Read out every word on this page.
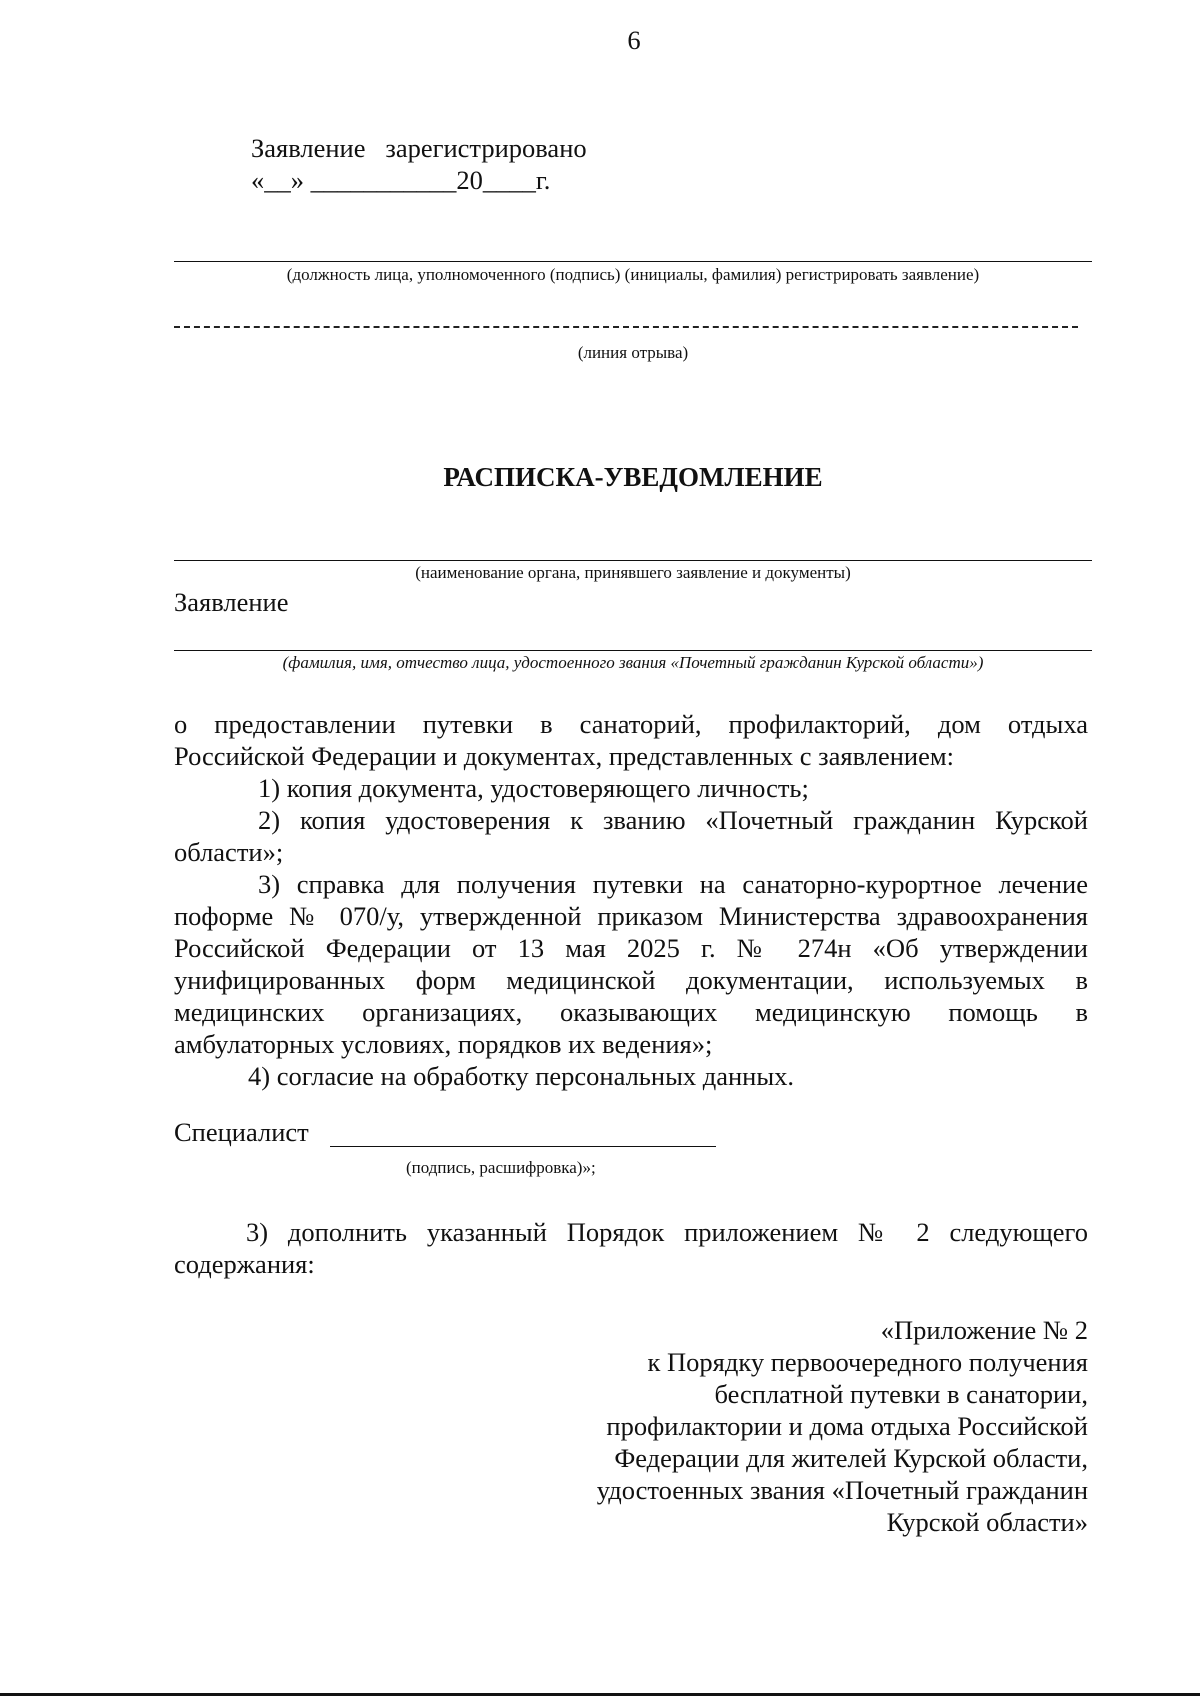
6
Заявление   зарегистрировано
«__» ___________20____г.
(должность лица, уполномоченного (подпись) (инициалы, фамилия) регистрировать заявление)
(линия отрыва)
РАСПИСКА-УВЕДОМЛЕНИЕ
(наименование органа, принявшего заявление и документы)
Заявление
(фамилия, имя, отчество лица, удостоенного звания «Почетный гражданин Курской области»)
о предоставлении путевки в санаторий, профилакторий, дом отдыха
Российской Федерации и документах, представленных с заявлением:
1) копия документа, удостоверяющего личность;
2) копия удостоверения к званию «Почетный гражданин Курской
области»;
3) справка для получения путевки на санаторно-курортное лечение
поформе № 070/у, утвержденной приказом Министерства здравоохранения
Российской Федерации от 13 мая 2025 г. № 274н «Об утверждении
унифицированных форм медицинской документации, используемых в
медицинских организациях, оказывающих медицинскую помощь в
амбулаторных условиях, порядков их ведения»;
4) согласие на обработку персональных данных.
Специалист
(подпись, расшифровка)»;
3) дополнить указанный Порядок приложением № 2 следующего
содержания:
«Приложение № 2
к Порядку первоочередного получения
бесплатной путевки в санатории,
профилактории и дома отдыха Российской
Федерации для жителей Курской области,
удостоенных звания «Почетный гражданин
Курской области»
